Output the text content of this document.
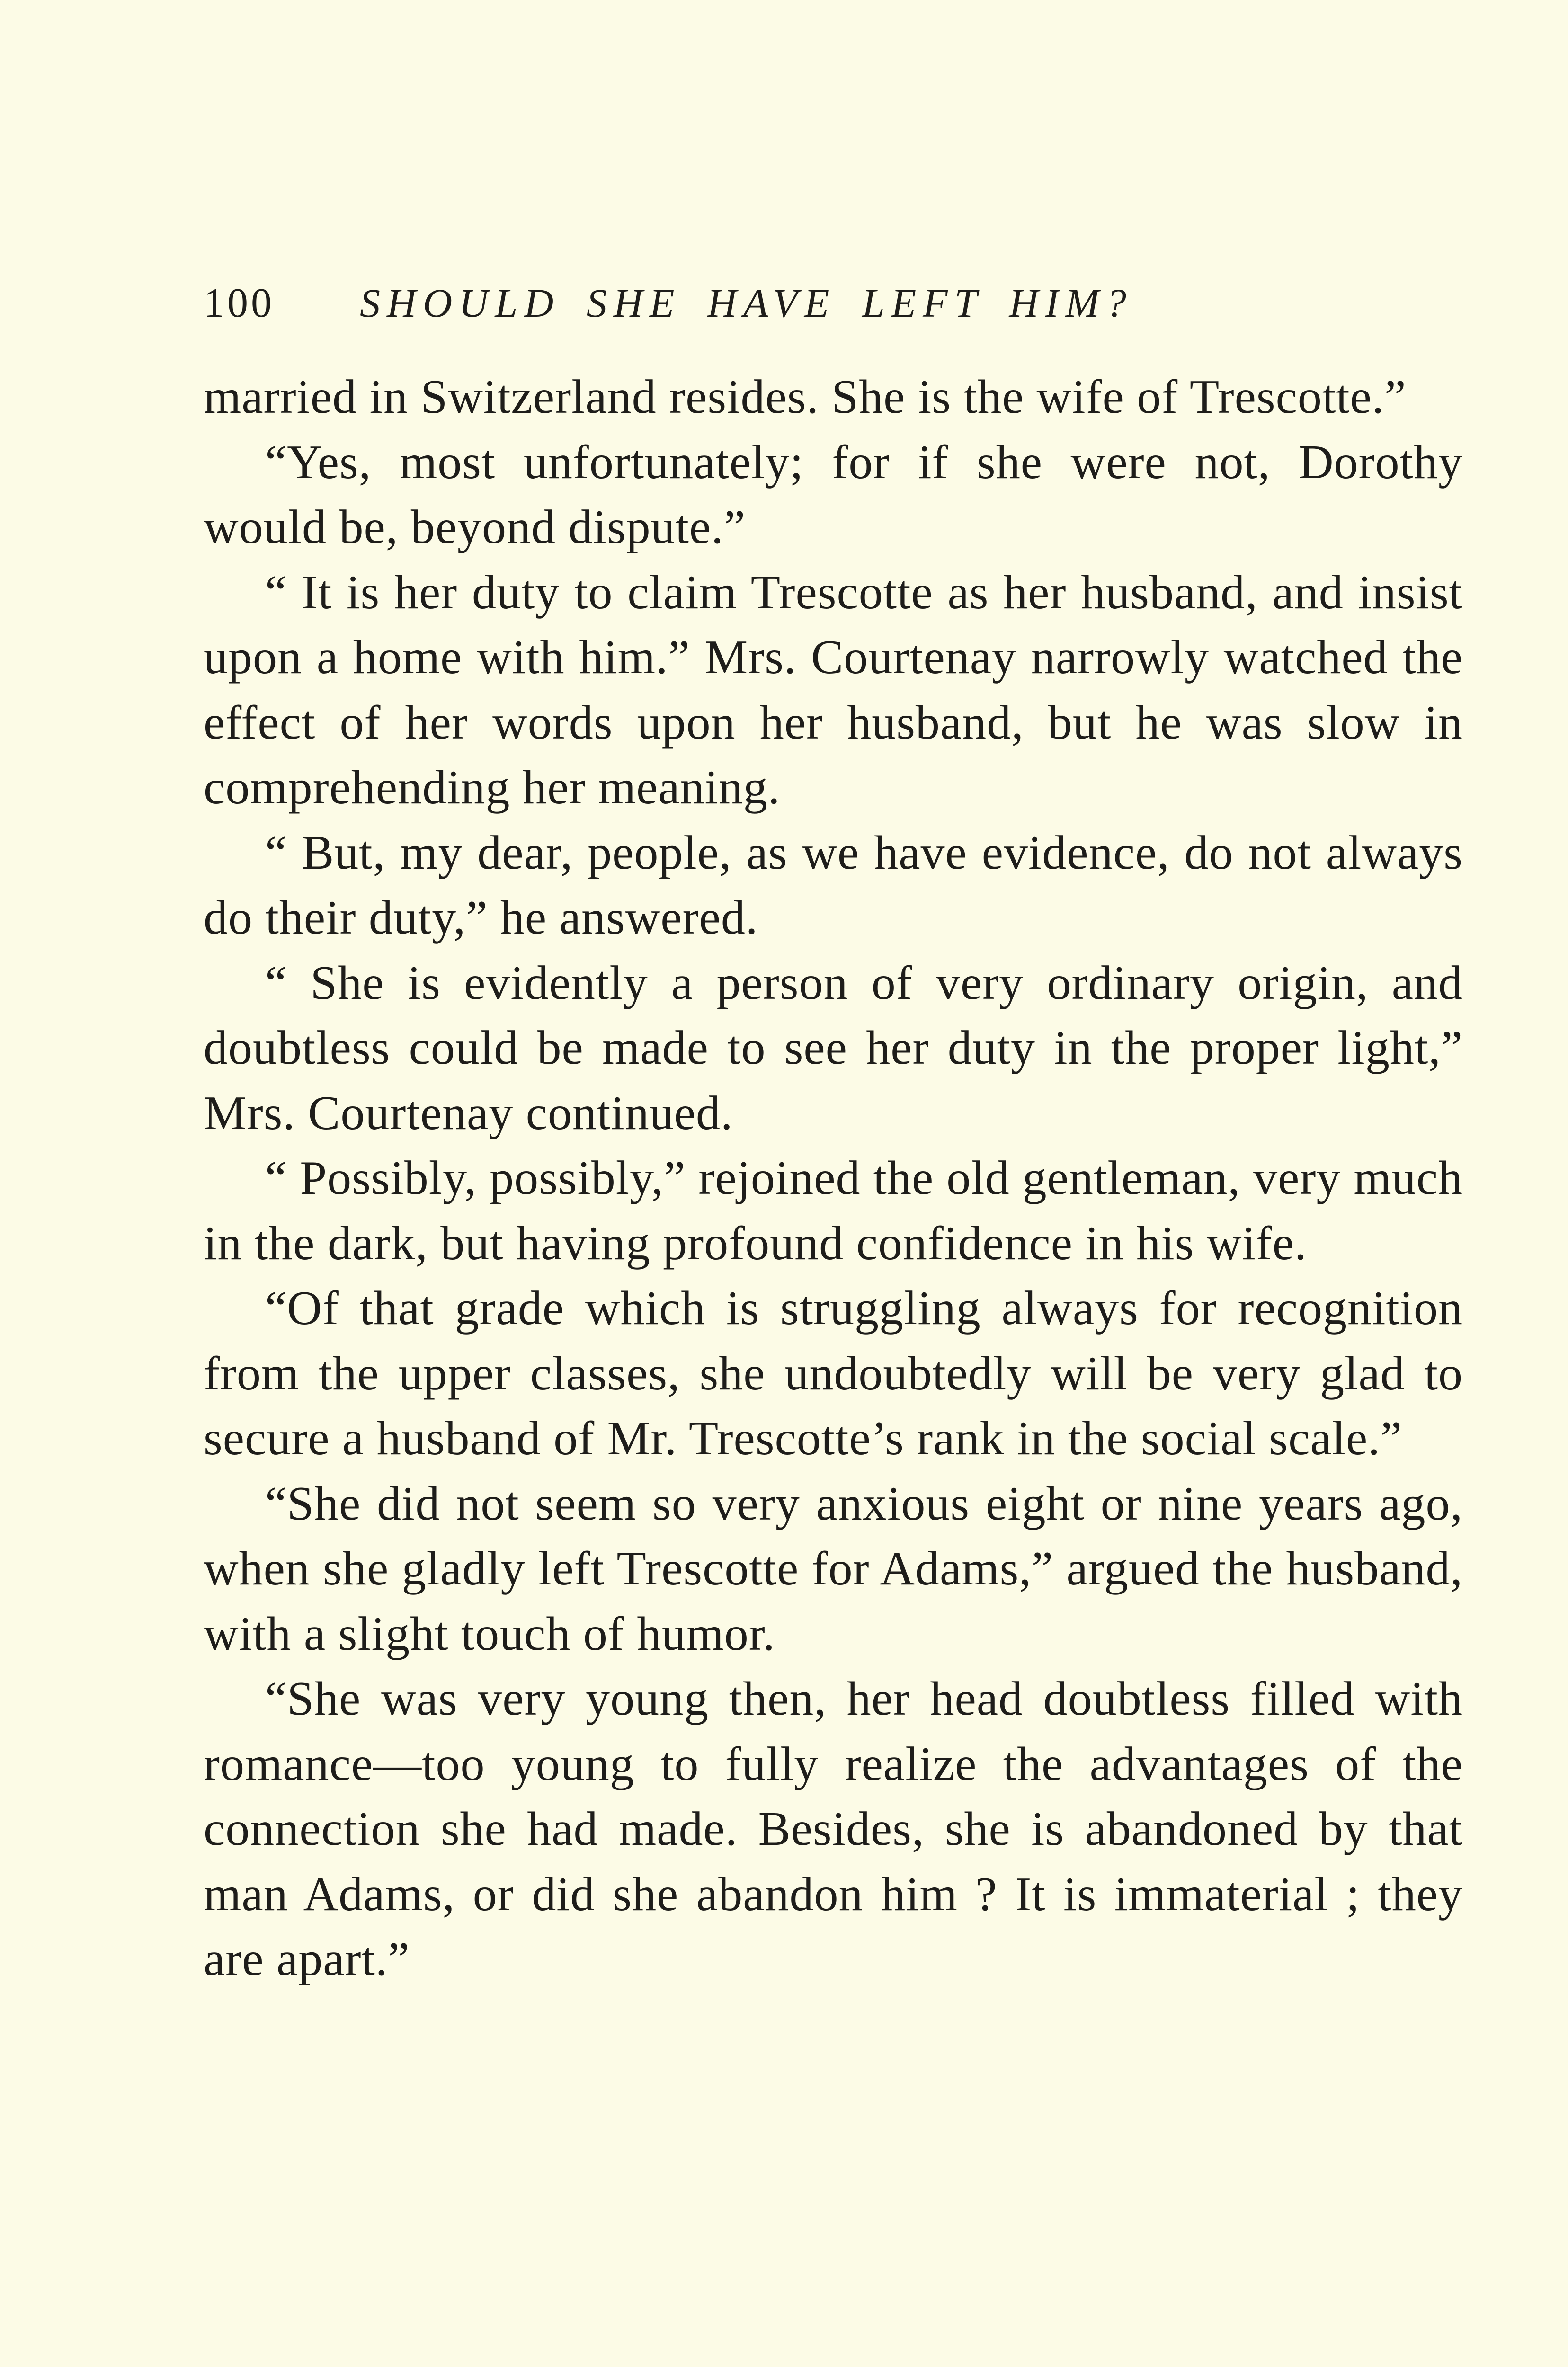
100	SHOULD SHE HAVE LEFT HIM?

married in Switzerland resides. She is the wife of Trescotte.”

“Yes, most unfortunately; for if she were not, Dorothy would be, beyond dispute.”

“ It is her duty to claim Trescotte as her husband, and insist upon a home with him.” Mrs. Courtenay narrowly watched the effect of her words upon her husband, but he was slow in comprehending her meaning.

“ But, my dear, people, as we have evidence, do not always do their duty,” he answered.

“ She is evidently a person of very ordinary origin, and doubtless could be made to see her duty in the proper light,” Mrs. Courtenay continued.

“ Possibly, possibly,” rejoined the old gentleman, very much in the dark, but having profound confidence in his wife.

“Of that grade which is struggling always for recognition from the upper classes, she undoubtedly will be very glad to secure a husband of Mr. Trescotte’s rank in the social scale.”

“She did not seem so very anxious eight or nine years ago, when she gladly left Trescotte for Adams,” argued the husband, with a slight touch of humor.

“She was very young then, her head doubtless filled with romance—too young to fully realize the advantages of the connection she had made. Besides, she is abandoned by that man Adams, or did she abandon him ? It is immaterial ; they are apart.”
